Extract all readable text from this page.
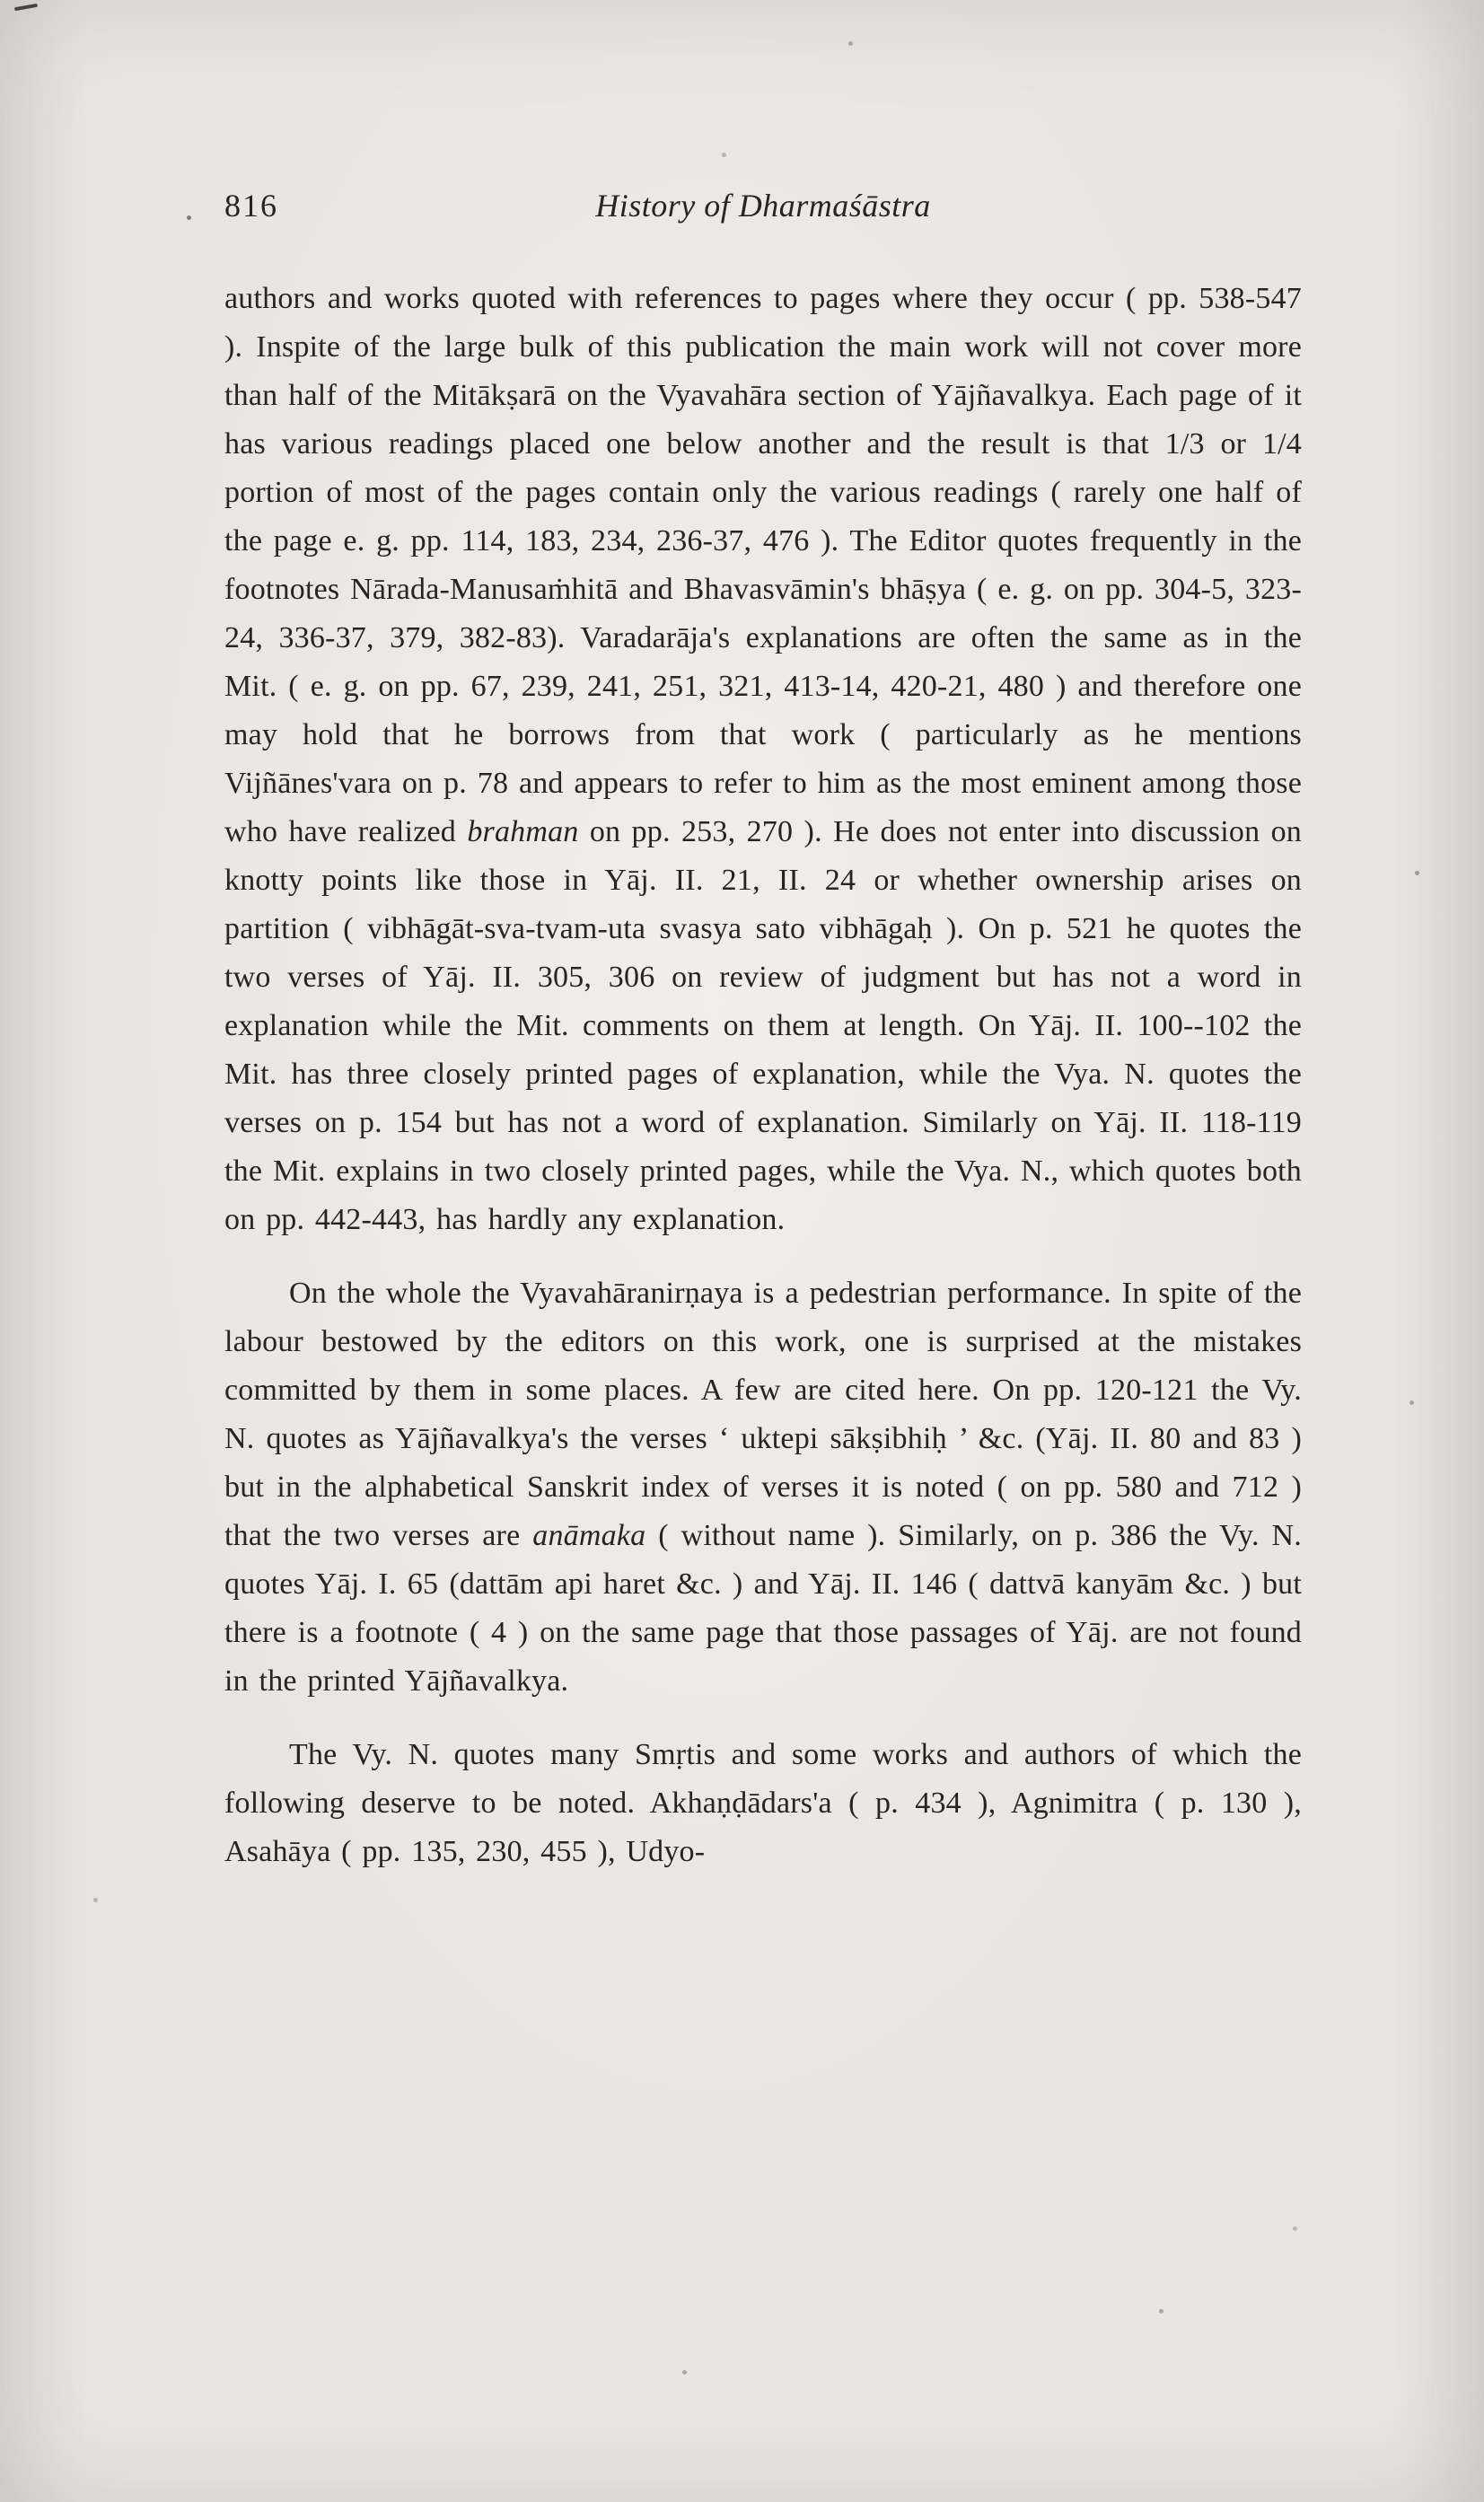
816	History of Dharmaśāstra

authors and works quoted with references to pages where they occur ( pp. 538-547 ). Inspite of the large bulk of this publication the main work will not cover more than half of the Mitākṣarā on the Vyavahāra section of Yājñavalkya. Each page of it has various readings placed one below another and the result is that 1/3 or 1/4 portion of most of the pages contain only the various readings ( rarely one half of the page e. g. pp. 114, 183, 234, 236-37, 476 ). The Editor quotes frequently in the footnotes Nārada-Manusaṁhitā and Bhavasvāmin's bhāṣya ( e. g. on pp. 304-5, 323-24, 336-37, 379, 382-83). Varadarāja's explanations are often the same as in the Mit. ( e. g. on pp. 67, 239, 241, 251, 321, 413-14, 420-21, 480 ) and therefore one may hold that he borrows from that work ( particularly as he mentions Vijñānes'vara on p. 78 and appears to refer to him as the most eminent among those who have realized brahman on pp. 253, 270 ). He does not enter into discussion on knotty points like those in Yāj. II. 21, II. 24 or whether ownership arises on partition ( vibhāgāt-sva-tvam-uta svasya sato vibhāgaḥ ). On p. 521 he quotes the two verses of Yāj. II. 305, 306 on review of judgment but has not a word in explanation while the Mit. comments on them at length. On Yāj. II. 100--102 the Mit. has three closely printed pages of explanation, while the Vya. N. quotes the verses on p. 154 but has not a word of explanation. Similarly on Yāj. II. 118-119 the Mit. explains in two closely printed pages, while the Vya. N., which quotes both on pp. 442-443, has hardly any explanation.

On the whole the Vyavahāranirṇaya is a pedestrian performance. In spite of the labour bestowed by the editors on this work, one is surprised at the mistakes committed by them in some places. A few are cited here. On pp. 120-121 the Vy. N. quotes as Yājñavalkya's the verses ‘ uktepi sākṣibhiḥ ’ &c. (Yāj. II. 80 and 83 ) but in the alphabetical Sanskrit index of verses it is noted ( on pp. 580 and 712 ) that the two verses are anāmaka ( without name ). Similarly, on p. 386 the Vy. N. quotes Yāj. I. 65 (dattām api haret &c. ) and Yāj. II. 146 ( dattvā kanyām &c. ) but there is a footnote ( 4 ) on the same page that those passages of Yāj. are not found in the printed Yājñavalkya.

The Vy. N. quotes many Smṛtis and some works and authors of which the following deserve to be noted. Akhaṇḍādars'a ( p. 434 ), Agnimitra ( p. 130 ), Asahāya ( pp. 135, 230, 455 ), Udyo-
